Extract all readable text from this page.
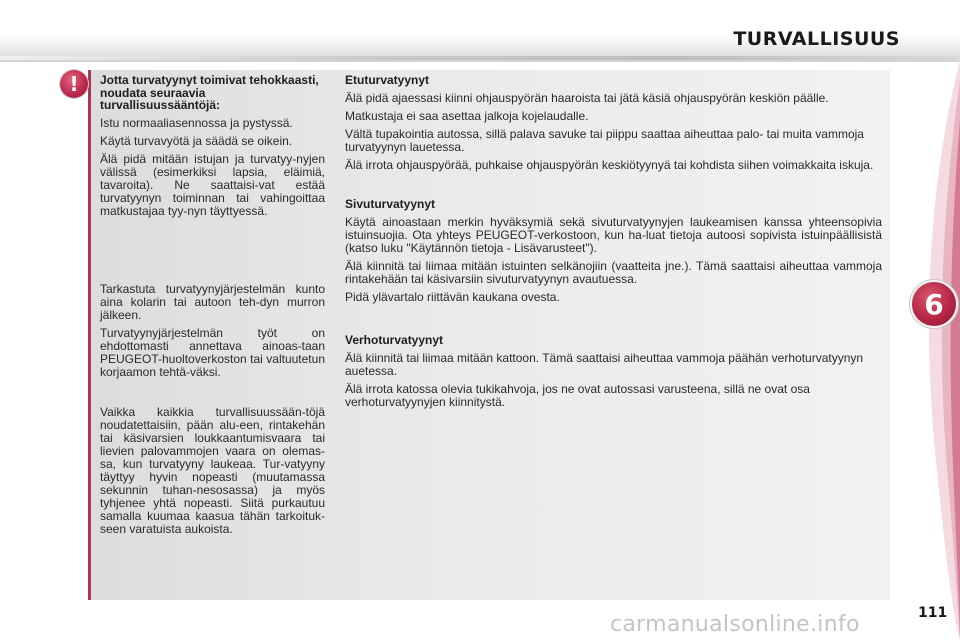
TURVALLISUUS
6
!	Jotta turvatyynyt toimivat tehokkaasti, noudata seuraavia turvallisuussääntöjä:

Istu normaaliasennossa ja pystyssä.

Käytä turvavyötä ja säädä se oikein.

Älä pidä mitään istujan ja turvatyy-nyjen välissä (esimerkiksi lapsia, eläimiä, tavaroita). Ne saattaisi-vat estää turvatyynyn toiminnan tai vahingoittaa matkustajaa tyy-nyn täyttyessä.

Tarkastuta turvatyynyjärjestelmän kunto aina kolarin tai autoon teh-dyn murron jälkeen.

Turvatyynyjärjestelmän työt on ehdottomasti annettava ainoas-taan PEUGEOT-huoltoverkoston tai valtuutetun korjaamon tehtä-väksi.

Vaikka kaikkia turvallisuussään-töjä noudatettaisiin, pään alu-een, rintakehän tai käsivarsien loukkaantumisvaara tai lievien palovammojen vaara on olemas-sa, kun turvatyyny laukeaa. Tur-vatyyny täyttyy hyvin nopeasti (muutamassa sekunnin tuhan-nesosassa) ja myös tyhjenee yhtä nopeasti. Siitä purkautuu samalla kuumaa kaasua tähän tarkoituk-seen varatuista aukoista.

Etuturvatyynyt

Älä pidä ajaessasi kiinni ohjauspyörän haaroista tai jätä käsiä ohjauspyörän keskiön päälle.

Matkustaja ei saa asettaa jalkoja kojelaudalle.

Vältä tupakointia autossa, sillä palava savuke tai piippu saattaa aiheuttaa palo- tai muita vammoja turvatyynyn lauetessa.

Älä irrota ohjauspyörää, puhkaise ohjauspyörän keskiötyynyä tai kohdista siihen voimakkaita iskuja.

Sivuturvatyynyt

Käytä ainoastaan merkin hyväksymiä sekä sivuturvatyynyjen laukeamisen kanssa yhteensopivia istuinsuojia. Ota yhteys PEUGEOT-verkostoon, kun ha-luat tietoja autoosi sopivista istuinpäällisistä (katso luku "Käytännön tietoja - Lisävarusteet").

Älä kiinnitä tai liimaa mitään istuinten selkänojiin (vaatteita jne.). Tämä saattaisi aiheuttaa vammoja rintakehään tai käsivarsiin sivuturvatyynyn avautuessa.

Pidä ylävartalo riittävän kaukana ovesta.

Verhoturvatyynyt

Älä kiinnitä tai liimaa mitään kattoon. Tämä saattaisi aiheuttaa vammoja päähän verhoturvatyynyn auetessa.

Älä irrota katossa olevia tukikahvoja, jos ne ovat autossasi varusteena, sillä ne ovat osa verhoturvatyynyjen kiinnitystä.

carmanualsonline.info	111
